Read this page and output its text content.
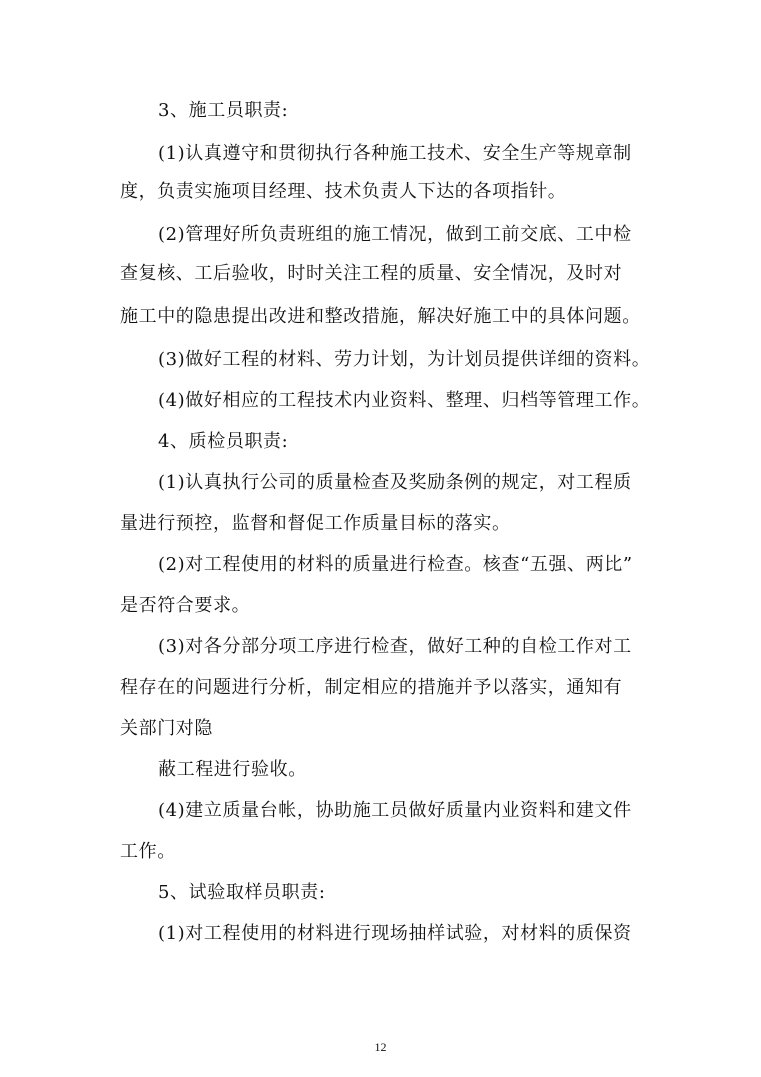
3、施工员职责:
(1)认真遵守和贯彻执行各种施工技术、安全生产等规章制
度，负责实施项目经理、技术负责人下达的各项指针。
(2)管理好所负责班组的施工情况，做到工前交底、工中检
查复核、工后验收，时时关注工程的质量、安全情况，及时对
施工中的隐患提出改进和整改措施，解决好施工中的具体问题。
(3)做好工程的材料、劳力计划，为计划员提供详细的资料。
(4)做好相应的工程技术内业资料、整理、归档等管理工作。
4、质检员职责:
(1)认真执行公司的质量检查及奖励条例的规定，对工程质
量进行预控，监督和督促工作质量目标的落实。
(2)对工程使用的材料的质量进行检查。核查“五强、两比”
是否符合要求。
(3)对各分部分项工序进行检查，做好工种的自检工作对工
程存在的问题进行分析，制定相应的措施并予以落实，通知有
关部门对隐
蔽工程进行验收。
(4)建立质量台帐，协助施工员做好质量内业资料和建文件
工作。
5、试验取样员职责:
(1)对工程使用的材料进行现场抽样试验，对材料的质保资
12
